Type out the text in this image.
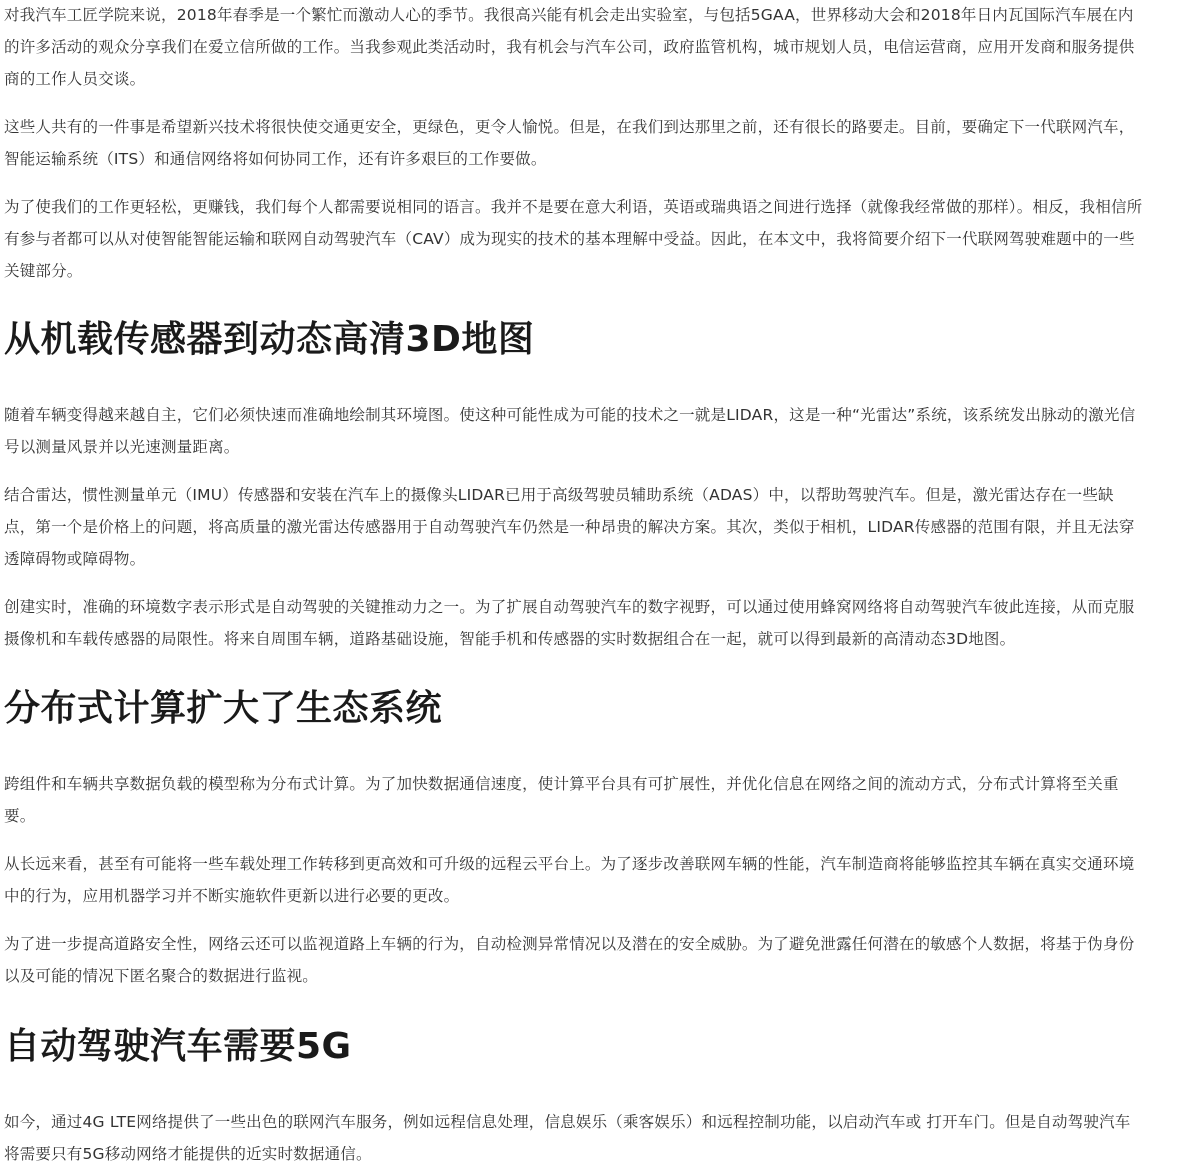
对我汽车工匠学院来说，2018年春季是一个繁忙而激动人心的季节。我很高兴能有机会走出实验室，与包括5GAA，世界移动大会和2018年日内瓦国际汽车展在内的许多活动的观众分享我们在爱立信所做的工作。当我参观此类活动时，我有机会与汽车公司，政府监管机构，城市规划人员，电信运营商，应用开发商和服务提供商的工作人员交谈。

这些人共有的一件事是希望新兴技术将很快使交通更安全，更绿色，更令人愉悦。但是，在我们到达那里之前，还有很长的路要走。目前，要确定下一代联网汽车，智能运输系统（ITS）和通信网络将如何协同工作，还有许多艰巨的工作要做。

为了使我们的工作更轻松，更赚钱，我们每个人都需要说相同的语言。我并不是要在意大利语，英语或瑞典语之间进行选择（就像我经常做的那样）。相反，我相信所有参与者都可以从对使智能智能运输和联网自动驾驶汽车（CAV）成为现实的技术的基本理解中受益。因此，在本文中，我将简要介绍下一代联网驾驶难题中的一些关键部分。

从机载传感器到动态高清3D地图

随着车辆变得越来越自主，它们必须快速而准确地绘制其环境图。使这种可能性成为可能的技术之一就是LIDAR，这是一种“光雷达”系统，该系统发出脉动的激光信号以测量风景并以光速测量距离。

结合雷达，惯性测量单元（IMU）传感器和安装在汽车上的摄像头LIDAR已用于高级驾驶员辅助系统（ADAS）中，以帮助驾驶汽车。但是，激光雷达存在一些缺点，第一个是价格上的问题，将高质量的激光雷达传感器用于自动驾驶汽车仍然是一种昂贵的解决方案。其次，类似于相机，LIDAR传感器的范围有限，并且无法穿透障碍物或障碍物。

创建实时，准确的环境数字表示形式是自动驾驶的关键推动力之一。为了扩展自动驾驶汽车的数字视野，可以通过使用蜂窝网络将自动驾驶汽车彼此连接，从而克服摄像机和车载传感器的局限性。将来自周围车辆，道路基础设施，智能手机和传感器的实时数据组合在一起，就可以得到最新的高清动态3D地图。

分布式计算扩大了生态系统

跨组件和车辆共享数据负载的模型称为分布式计算。为了加快数据通信速度，使计算平台具有可扩展性，并优化信息在网络之间的流动方式，分布式计算将至关重要。

从长远来看，甚至有可能将一些车载处理工作转移到更高效和可升级的远程云平台上。为了逐步改善联网车辆的性能，汽车制造商将能够监控其车辆在真实交通环境中的行为，应用机器学习并不断实施软件更新以进行必要的更改。

为了进一步提高道路安全性，网络云还可以监视道路上车辆的行为，自动检测异常情况以及潜在的安全威胁。为了避免泄露任何潜在的敏感个人数据，将基于伪身份以及可能的情况下匿名聚合的数据进行监视。

自动驾驶汽车需要5G

如今，通过4G LTE网络提供了一些出色的联网汽车服务，例如远程信息处理，信息娱乐（乘客娱乐）和远程控制功能，以启动汽车或 打开车门。但是自动驾驶汽车将需要只有5G移动网络才能提供的近实时数据通信。
